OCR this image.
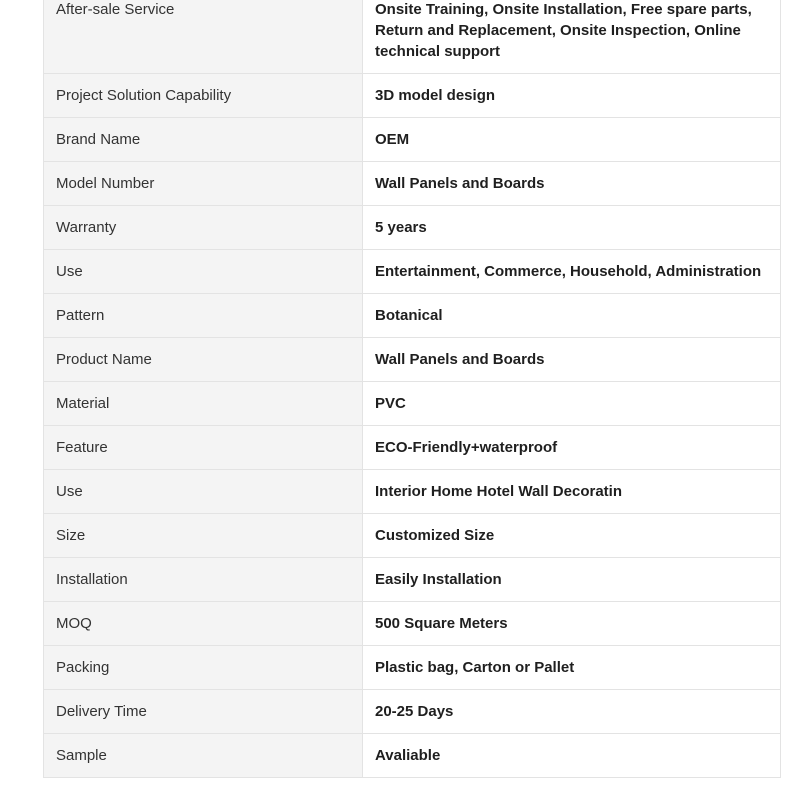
After-sale Service	Onsite Training, Onsite Installation, Free spare parts, Return and Replacement, Onsite Inspection, Online technical support
Project Solution Capability	3D model design
Brand Name	OEM
Model Number	Wall Panels and Boards
Warranty	5 years
Use	Entertainment, Commerce, Household, Administration
Pattern	Botanical
Product Name	Wall Panels and Boards
Material	PVC
Feature	ECO-Friendly+waterproof
Use	Interior Home Hotel Wall Decoratin
Size	Customized Size
Installation	Easily Installation
MOQ	500 Square Meters
Packing	Plastic bag, Carton or Pallet
Delivery Time	20-25 Days
Sample	Avaliable
